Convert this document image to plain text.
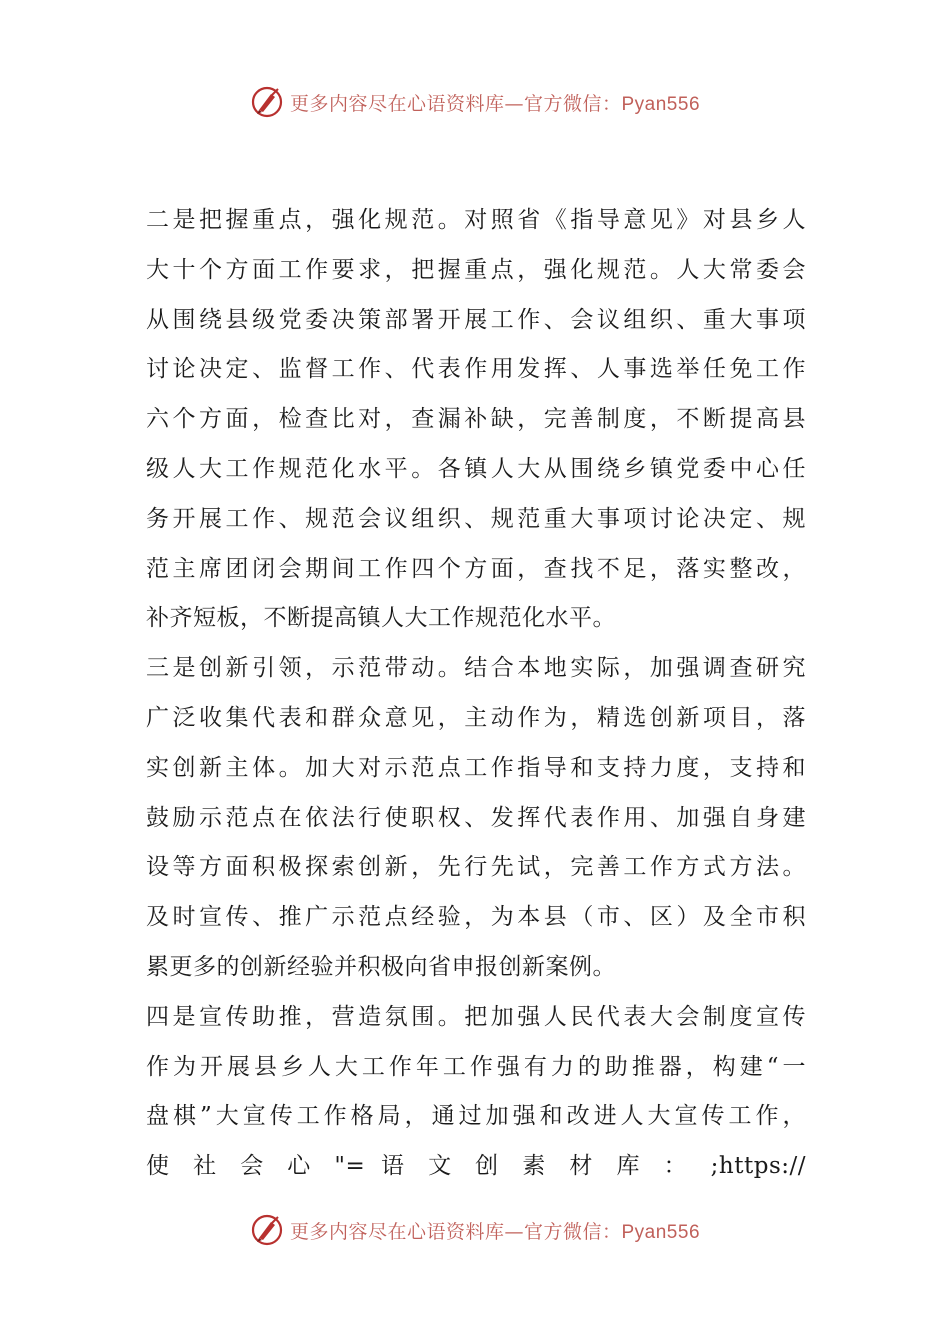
更多内容尽在心语资料库—官方微信：Pyan556
二是把握重点，强化规范。对照省《指导意见》对县乡人
大十个方面工作要求，把握重点，强化规范。人大常委会
从围绕县级党委决策部署开展工作、会议组织、重大事项
讨论决定、监督工作、代表作用发挥、人事选举任免工作
六个方面，检查比对，查漏补缺，完善制度，不断提高县
级人大工作规范化水平。各镇人大从围绕乡镇党委中心任
务开展工作、规范会议组织、规范重大事项讨论决定、规
范主席团闭会期间工作四个方面，查找不足，落实整改，
补齐短板，不断提高镇人大工作规范化水平。
三是创新引领，示范带动。结合本地实际，加强调查研究
广泛收集代表和群众意见，主动作为，精选创新项目，落
实创新主体。加大对示范点工作指导和支持力度，支持和
鼓励示范点在依法行使职权、发挥代表作用、加强自身建
设等方面积极探索创新，先行先试，完善工作方式方法。
及时宣传、推广示范点经验，为本县（市、区）及全市积
累更多的创新经验并积极向省申报创新案例。
四是宣传助推，营造氛围。把加强人民代表大会制度宣传
作为开展县乡人大工作年工作强有力的助推器，构建“一
盘棋”大宣传工作格局，通过加强和改进人大宣传工作，
使 社 会 心 "= 语 文 创 素 材 库 ： ;https://
更多内容尽在心语资料库—官方微信：Pyan556
